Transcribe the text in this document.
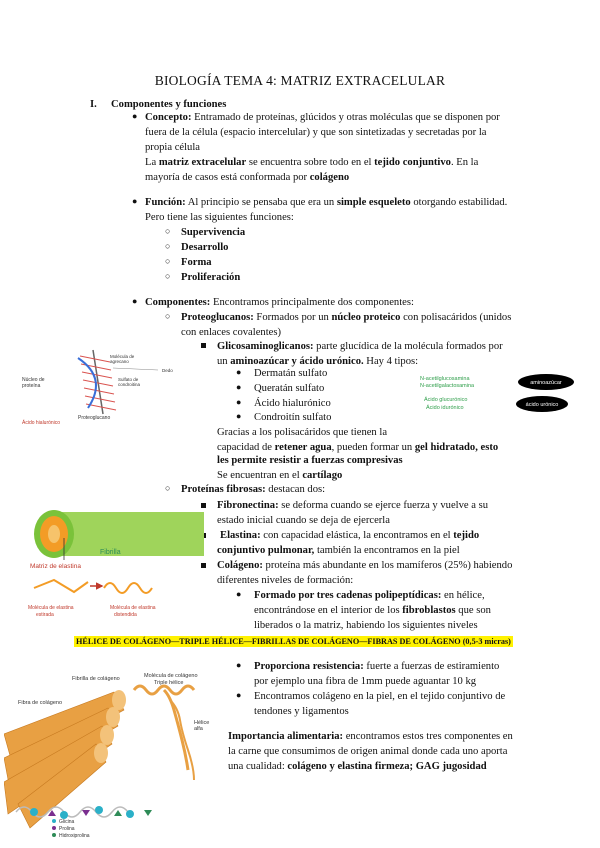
BIOLOGÍA TEMA 4: MATRIZ EXTRACELULAR
I. Componentes y funciones
● Concepto: Entramado de proteínas, glúcidos y otras moléculas que se disponen por
fuera de la célula (espacio intercelular) y que son sintetizadas y secretadas por la
propia célula
La matriz extracelular se encuentra sobre todo en el tejido conjuntivo. En la
mayoría de casos está conformada por colágeno
● Función: Al principio se pensaba que era un simple esqueleto otorgando estabilidad.
Pero tiene las siguientes funciones:
○ Supervivencia
○ Desarrollo
○ Forma
○ Proliferación
● Componentes: Encontramos principalmente dos componentes:
○ Proteoglucanos: Formados por un núcleo proteico con polisacáridos (unidos
con enlaces covalentes)
Glicosaminoglicanos: parte glucídica de la molécula formados por
un aminoazúcar y ácido urónico. Hay 4 tipos:
● Dermatán sulfato
● Queratán sulfato
● Ácido hialurónico
● Condroitín sulfato
Gracias a los polisacáridos que tienen la
capacidad de retener agua, pueden formar un gel hidratado, esto
les permite resistir a fuerzas compresivas
Se encuentran en el cartílago
○ Proteínas fibrosas: destacan dos:
Fibronectina: se deforma cuando se ejerce fuerza y vuelve a su
estado inicial cuando se deja de ejercerla
Elastina: con capacidad elástica, la encontramos en el tejido
conjuntivo pulmonar, también la encontramos en la piel
Colágeno: proteína más abundante en los mamíferos (25%) habiendo
diferentes niveles de formación:
● Formado por tres cadenas polipeptídicas: en hélice,
encontrándose en el interior de los fibroblastos que son
liberados o la matriz, habiendo los siguientes niveles
HÉLICE DE COLÁGENO—TRIPLE HÉLICE—FIBRILLAS DE COLÁGENO—FIBRAS DE COLÁGENO (0,5-3 micras)
● Proporciona resistencia: fuerte a fuerzas de estiramiento
por ejemplo una fibra de 1mm puede aguantar 10 kg
● Encontramos colágeno en la piel, en el tejido conjuntivo de
tendones y ligamentos
Importancia alimentaria: encontramos estos tres componentes en
la carne que consumimos de origen animal donde cada uno aporta
una cualidad: colágeno y elastina firmeza; GAG jugosidad
Núcleo de
proteína
Proteoglucano
Ácido hialurónico
Molécula de
agrecano
Sulfato de
condroitina
Dedo
N-acetilglucosamina
N-acetilgalactosamina
Ácido glucurónico
Ácido idurónico
aminoazúcar
ácido urónico
Fibrilla
Matriz de elastina
Molécula de elastina
estirada
Molécula de elastina
distendida
Fibrilla de colágeno	Molécula de colágeno
Triple hélice
Fibra de colágeno
Hélice
alfa
Glicina
Prolina
Hidroxiprolina
